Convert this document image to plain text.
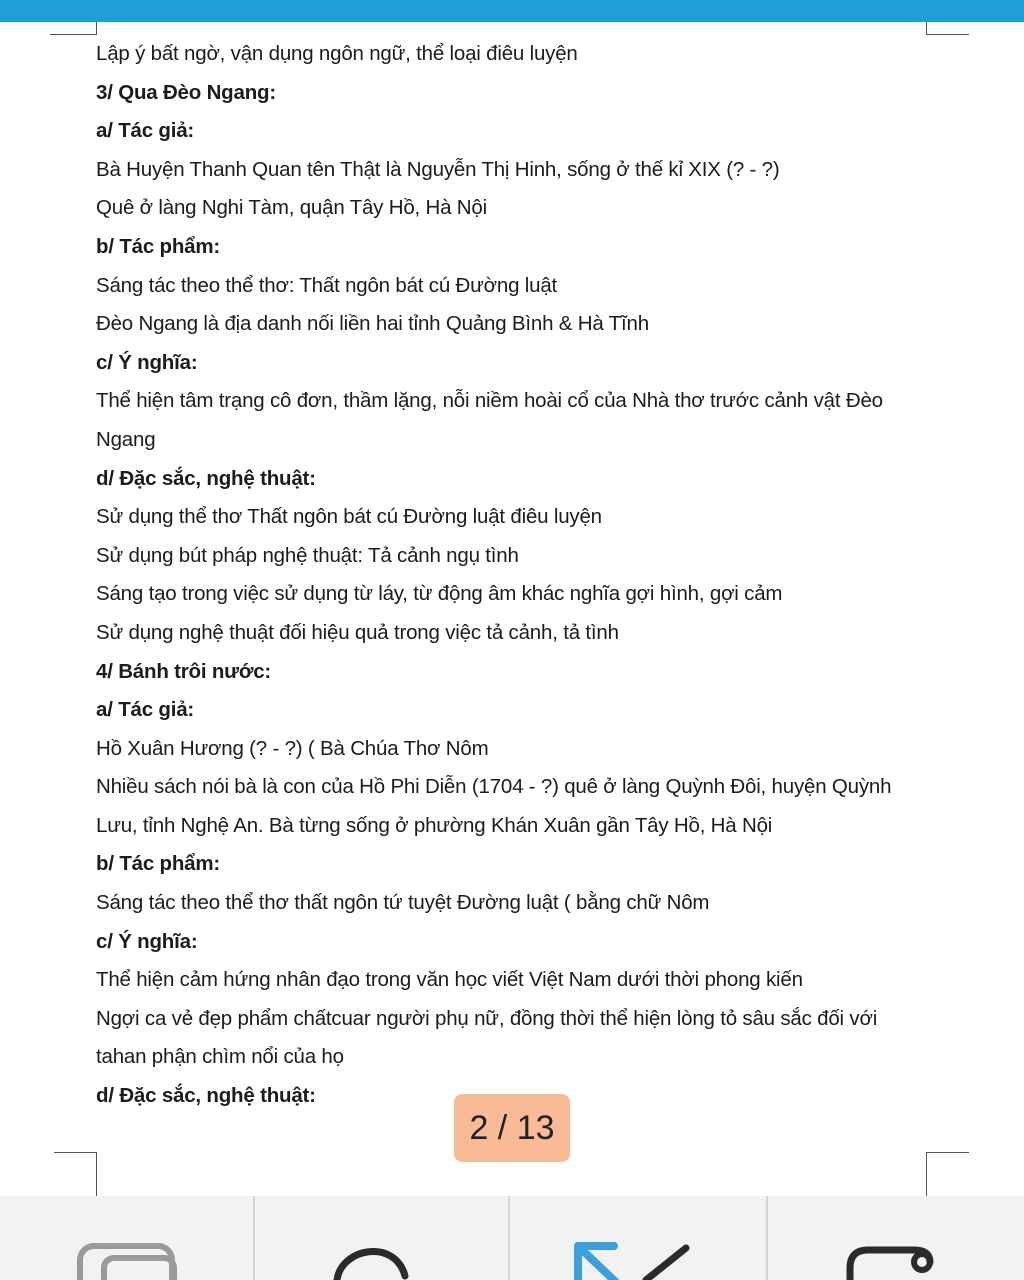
Lập ý bất ngờ, vận dụng ngôn ngữ, thể loại điêu luyện
3/ Qua Đèo Ngang:
a/ Tác giả:
Bà Huyện Thanh Quan tên Thật là Nguyễn Thị Hinh, sống ở thế kỉ XIX (? - ?)
Quê ở làng Nghi Tàm, quận Tây Hồ, Hà Nội
b/ Tác phẩm:
Sáng tác theo thể thơ: Thất ngôn bát cú Đường luật
Đèo Ngang là địa danh nối liền hai tỉnh Quảng Bình & Hà Tĩnh
c/ Ý nghĩa:
Thể hiện tâm trạng cô đơn, thầm lặng, nỗi niềm hoài cổ của Nhà thơ trước cảnh vật Đèo
Ngang
d/ Đặc sắc, nghệ thuật:
Sử dụng thể thơ Thất ngôn bát cú Đường luật điêu luyện
Sử dụng bút pháp nghệ thuật: Tả cảnh ngụ tình
Sáng tạo trong việc sử dụng từ láy, từ động âm khác nghĩa gợi hình, gợi cảm
Sử dụng nghệ thuật đối hiệu quả trong việc tả cảnh, tả tình
4/ Bánh trôi nước:
a/ Tác giả:
Hồ Xuân Hương (? - ?) ( Bà Chúa Thơ Nôm
Nhiều sách nói bà là con của Hồ Phi Diễn (1704 - ?) quê ở làng Quỳnh Đôi, huyện Quỳnh
Lưu, tỉnh Nghệ An. Bà từng sống ở phường Khán Xuân gần Tây Hồ, Hà Nội
b/ Tác phẩm:
Sáng tác theo thể thơ thất ngôn tứ tuyệt Đường luật ( bằng chữ Nôm
c/ Ý nghĩa:
Thể hiện cảm hứng nhân đạo trong văn học viết Việt Nam dưới thời phong kiến
Ngợi ca vẻ đẹp phẩm chấtcuar người phụ nữ, đồng thời thể hiện lòng tỏ sâu sắc đối với
tahan phận chìm nổi của họ
d/ Đặc sắc, nghệ thuật:
2 / 13
